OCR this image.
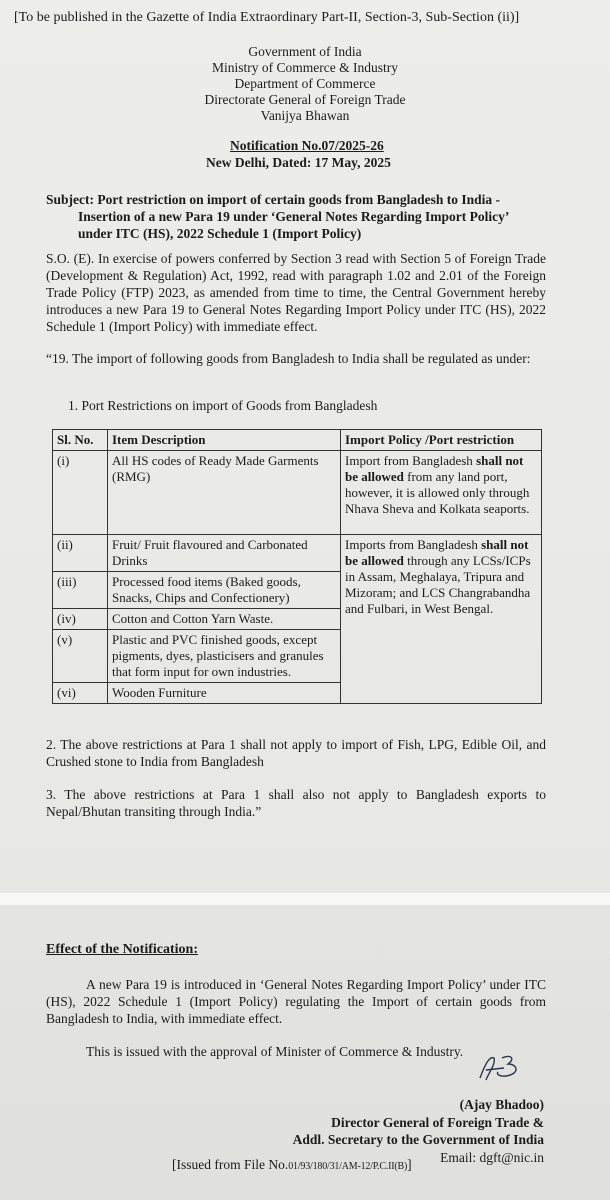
[To be published in the Gazette of India Extraordinary Part-II, Section-3, Sub-Section (ii)]

Government of India

Ministry of Commerce & Industry

Department of Commerce

Directorate General of Foreign Trade

Vanijya Bhawan

Notification No.07/2025-26

New Delhi, Dated: 17 May, 2025

Subject: Port restriction on import of certain goods from Bangladesh to India -
Insertion of a new Para 19 under ‘General Notes Regarding Import Policy’
under ITC (HS), 2022 Schedule 1 (Import Policy)

S.O. (E). In exercise of powers conferred by Section 3 read with Section 5 of Foreign Trade (Development & Regulation) Act, 1992, read with paragraph 1.02 and 2.01 of the Foreign Trade Policy (FTP) 2023, as amended from time to time, the Central Government hereby introduces a new Para 19 to General Notes Regarding Import Policy under ITC (HS), 2022 Schedule 1 (Import Policy) with immediate effect.

“19. The import of following goods from Bangladesh to India shall be regulated as under:

1. Port Restrictions on import of Goods from Bangladesh

Sl. No.	Item Description	Import Policy /Port restriction
(i)	All HS codes of Ready Made Garments (RMG)	Import from Bangladesh shall not be allowed from any land port, however, it is allowed only through Nhava Sheva and Kolkata seaports.
(ii)	Fruit/ Fruit flavoured and Carbonated Drinks	Imports from Bangladesh shall not be allowed through any LCSs/ICPs in Assam, Meghalaya, Tripura and Mizoram; and LCS Changrabandha and Fulbari, in West Bengal.
(iii)	Processed food items (Baked goods, Snacks, Chips and Confectionery)	
(iv)	Cotton and Cotton Yarn Waste.	
(v)	Plastic and PVC finished goods, except pigments, dyes, plasticisers and granules that form input for own industries.	
(vi)	Wooden Furniture	

2. The above restrictions at Para 1 shall not apply to import of Fish, LPG, Edible Oil, and Crushed stone to India from Bangladesh

3. The above restrictions at Para 1 shall also not apply to Bangladesh exports to Nepal/Bhutan transiting through India.”

Effect of the Notification:

A new Para 19 is introduced in ‘General Notes Regarding Import Policy’ under ITC (HS), 2022 Schedule 1 (Import Policy) regulating the Import of certain goods from Bangladesh to India, with immediate effect.

This is issued with the approval of Minister of Commerce & Industry.

(Ajay Bhadoo)

Director General of Foreign Trade &

Addl. Secretary to the Government of India

Email: dgft@nic.in

[Issued from File No.01/93/180/31/AM-12/P.C.II(B)]
